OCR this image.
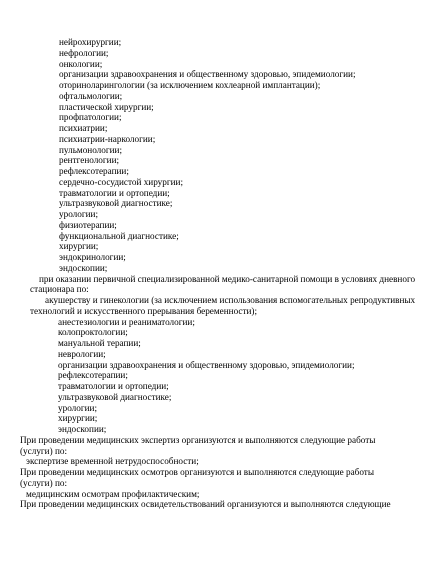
нейрохирургии;
нефрологии;
онкологии;
организации здравоохранения и общественному здоровью, эпидемиологии;
оториноларингологии (за исключением кохлеарной имплантации);
офтальмологии;
пластической хирургии;
профпатологии;
психиатрии;
психиатрии-наркологии;
пульмонологии;
рентгенологии;
рефлексотерапии;
сердечно-сосудистой хирургии;
травматологии и ортопедии;
ультразвуковой диагностике;
урологии;
физиотерапии;
функциональной диагностике;
хирургии;
эндокринологии;
эндоскопии;
при оказании первичной специализированной медико-санитарной помощи в условиях дневного
стационара по:
акушерству и гинекологии (за исключением использования вспомогательных репродуктивных
технологий и искусственного прерывания беременности);
анестезиологии и реаниматологии;
колопроктологии;
мануальной терапии;
неврологии;
организации здравоохранения и общественному здоровью, эпидемиологии;
рефлексотерапии;
травматологии и ортопедии;
ультразвуковой диагностике;
урологии;
хирургии;
эндоскопии;
При проведении медицинских экспертиз организуются и выполняются следующие работы
(услуги) по:
экспертизе временной нетрудоспособности;
При проведении медицинских осмотров организуются и выполняются следующие работы
(услуги) по:
медицинским осмотрам профилактическим;
При проведении медицинских освидетельствований организуются и выполняются следующие
